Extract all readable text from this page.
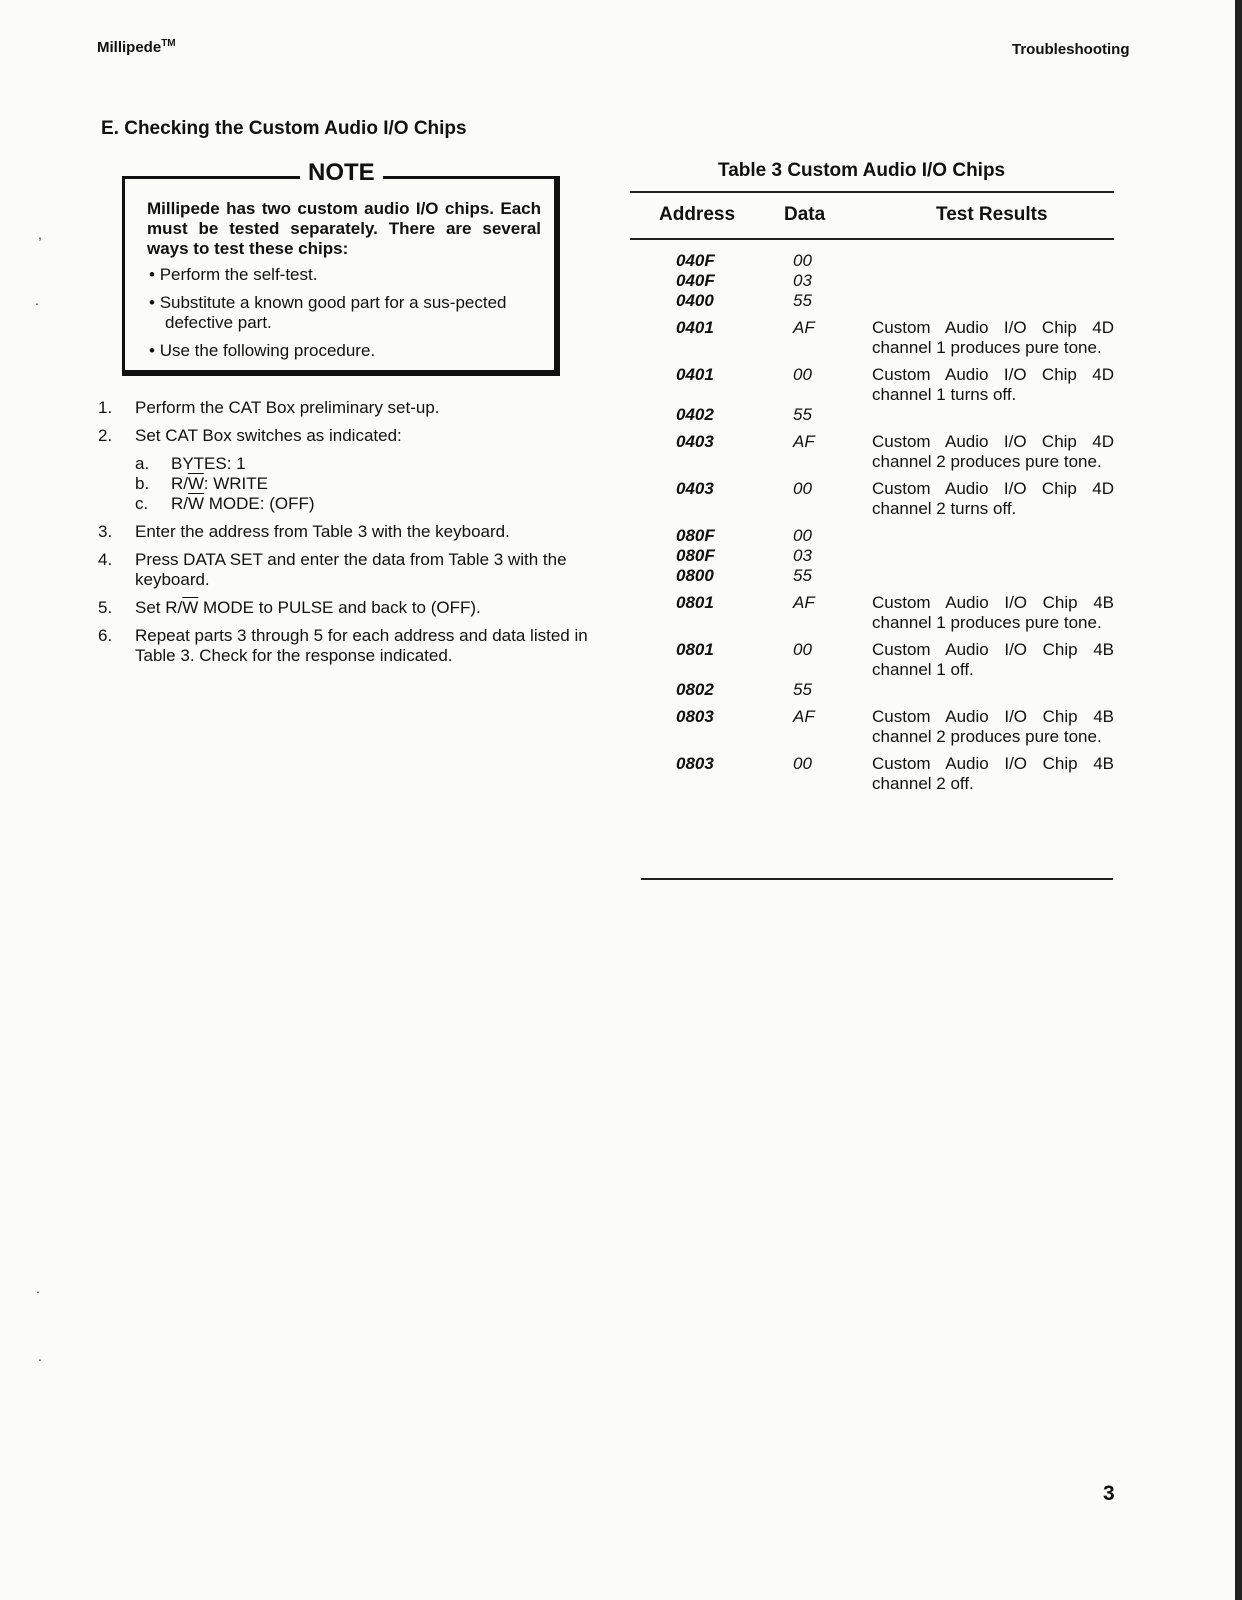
Millipede™	Troubleshooting
E. Checking the Custom Audio I/O Chips
NOTE
Millipede has two custom audio I/O chips. Each must be tested separately. There are several ways to test these chips:
• Perform the self-test.
• Substitute a known good part for a sus-pected defective part.
• Use the following procedure.
1. Perform the CAT Box preliminary set-up.
2. Set CAT Box switches as indicated:
a. BYTES: 1
b. $R/\overline{W}$: WRITE
c. $R/\overline{W}$ MODE: (OFF)
3. Enter the address from Table 3 with the keyboard.
4. Press DATA SET and enter the data from Table 3 with the keyboard.
5. Set $R/\overline{W}$ MODE to PULSE and back to (OFF).
6. Repeat parts 3 through 5 for each address and data listed in Table 3. Check for the response indicated.
Table 3 Custom Audio I/O Chips
Address	Data	Test Results
040F	00
040F	03
0400	55
0401	AF	Custom Audio I/O Chip 4D channel 1 produces pure tone.
0401	00	Custom Audio I/O Chip 4D channel 1 turns off.
0402	55
0403	AF	Custom Audio I/O Chip 4D channel 2 produces pure tone.
0403	00	Custom Audio I/O Chip 4D channel 2 turns off.
080F	00
080F	03
0800	55
0801	AF	Custom Audio I/O Chip 4B channel 1 produces pure tone.
0801	00	Custom Audio I/O Chip 4B channel 1 off.
0802	55
0803	AF	Custom Audio I/O Chip 4B channel 2 produces pure tone.
0803	00	Custom Audio I/O Chip 4B channel 2 off.
3
,
.
.
.
